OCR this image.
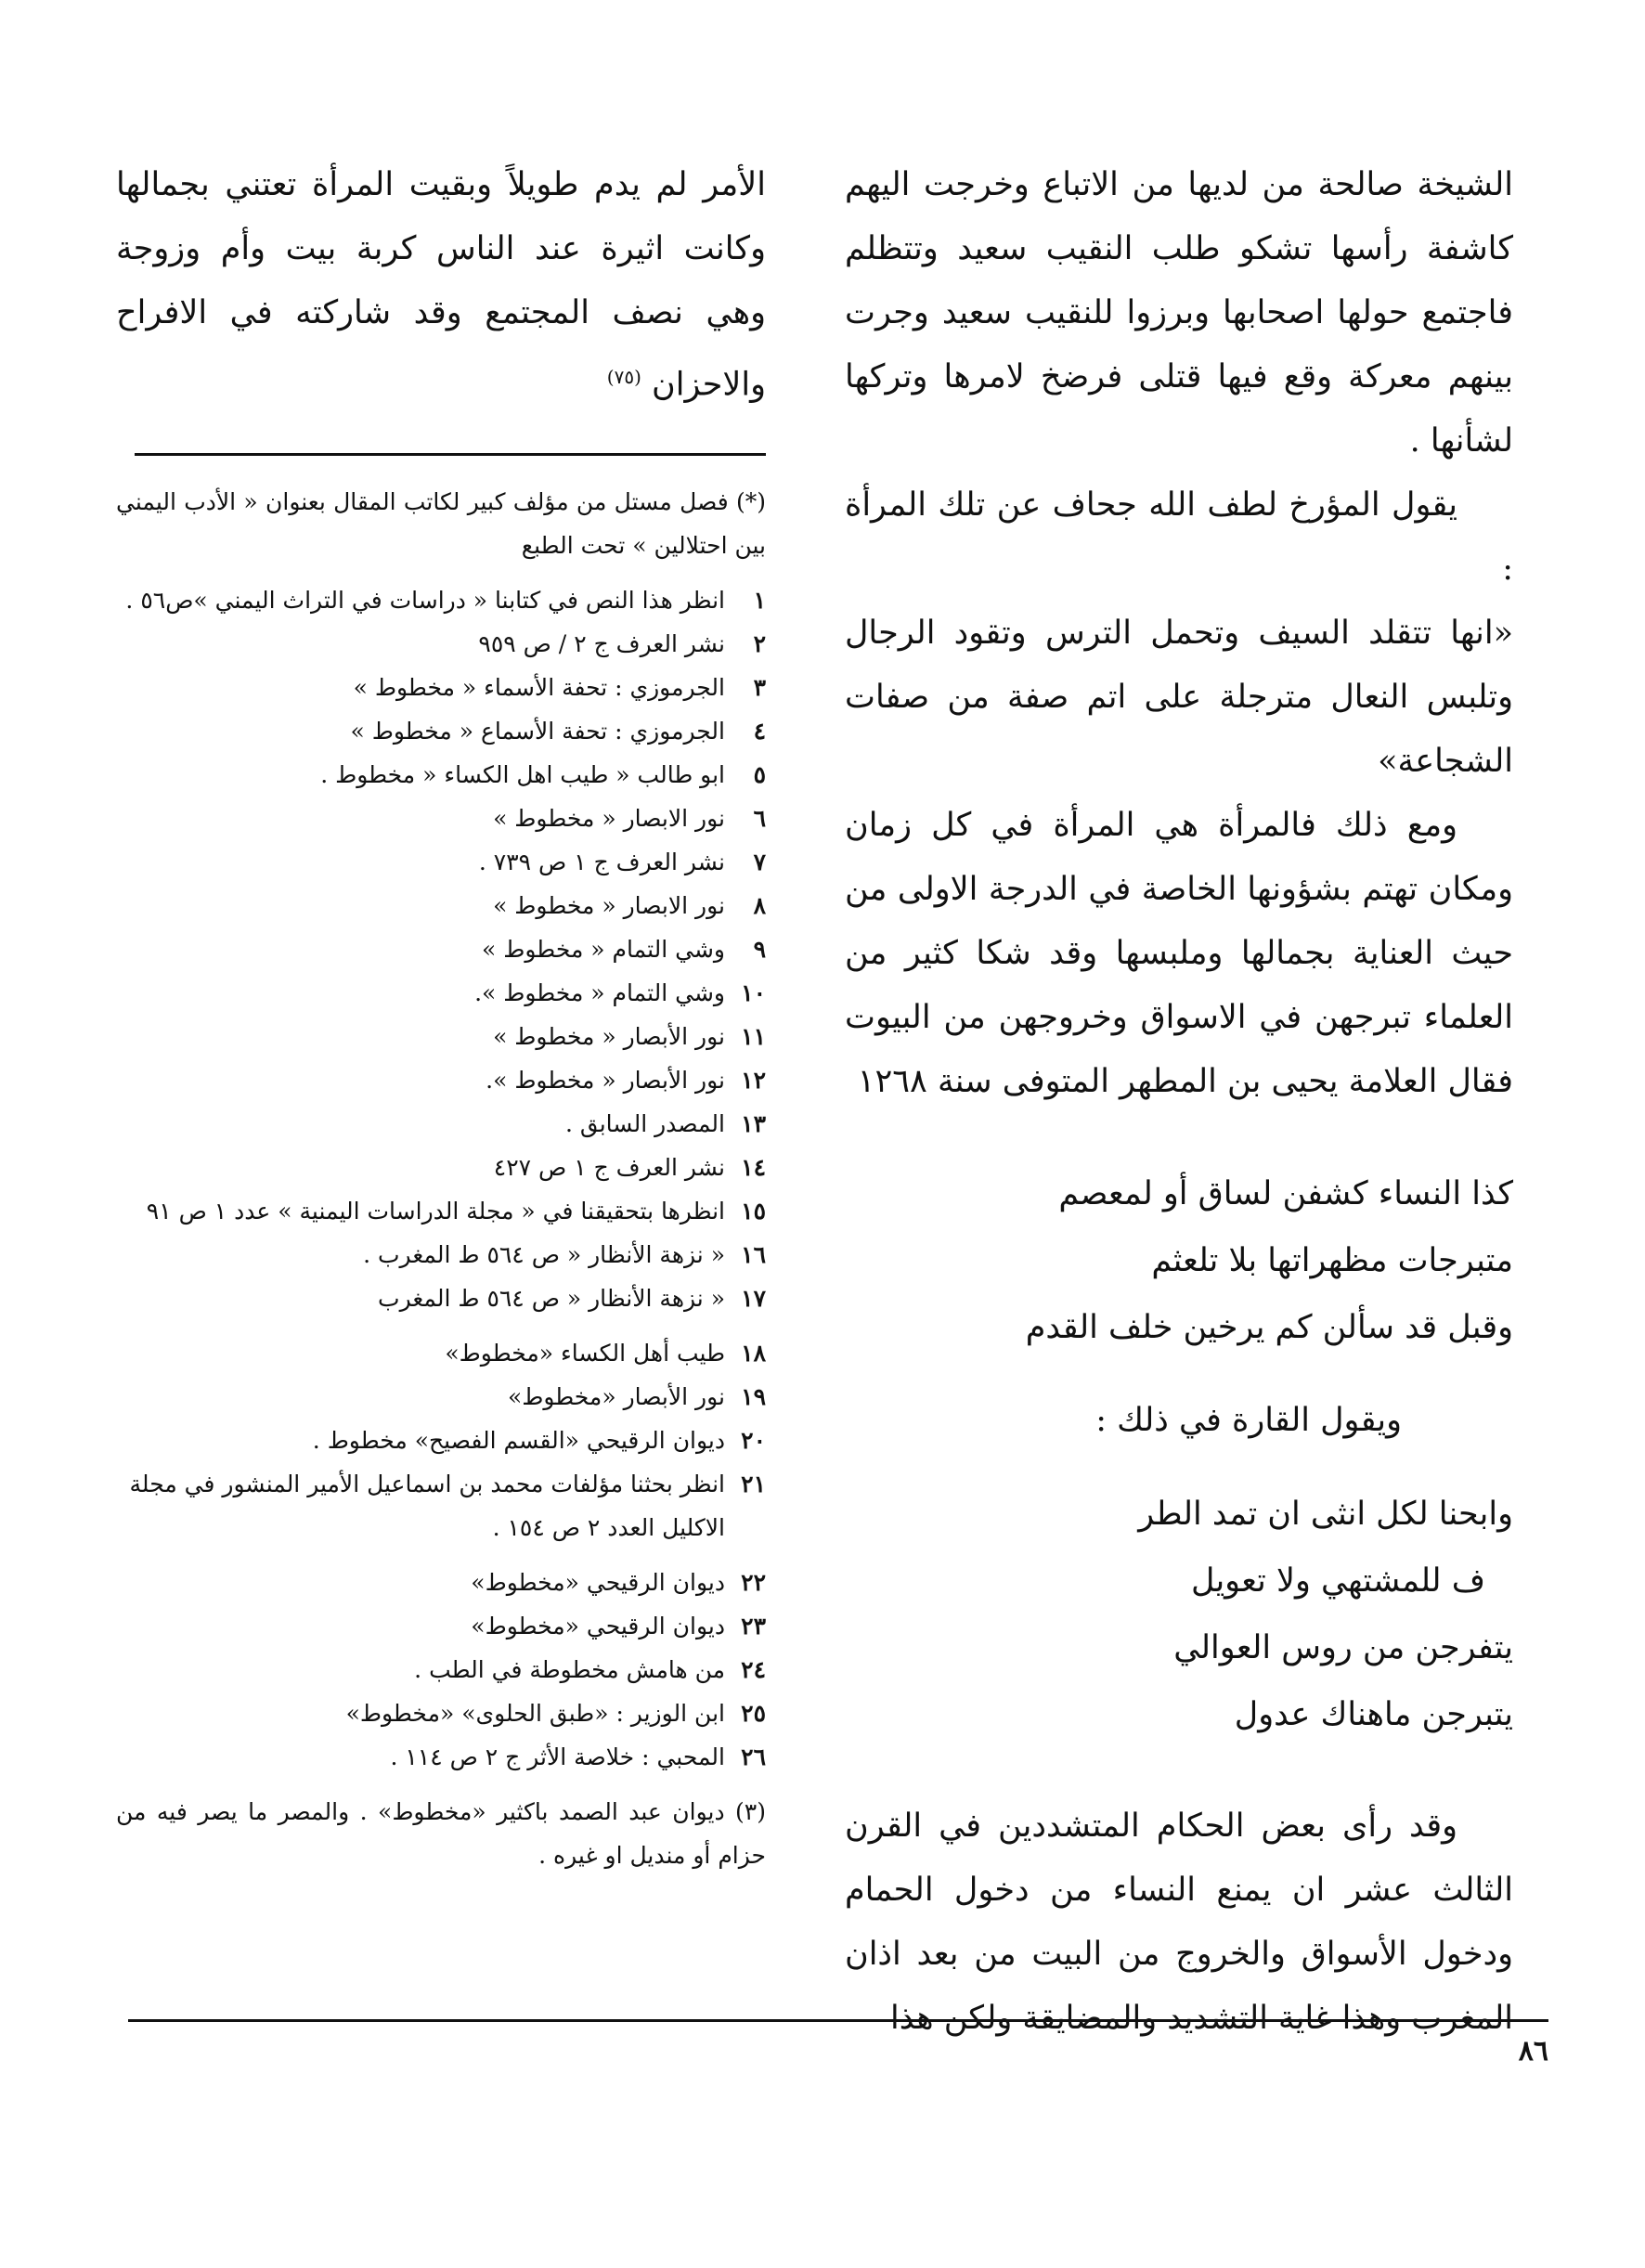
الشيخة صالحة من لديها من الاتباع وخرجت اليهم كاشفة رأسها تشكو طلب النقيب سعيد وتتظلم فاجتمع حولها اصحابها وبرزوا للنقيب سعيد وجرت بينهم معركة وقع فيها قتلى فرضخ لامرها وتركها لشأنها .

يقول المؤرخ لطف الله جحاف عن تلك المرأة :

«انها تتقلد السيف وتحمل الترس وتقود الرجال وتلبس النعال مترجلة على اتم صفة من صفات الشجاعة»

ومع ذلك فالمرأة هي المرأة في كل زمان ومكان تهتم بشؤونها الخاصة في الدرجة الاولى من حيث العناية بجمالها وملبسها وقد شكا كثير من العلماء تبرجهن في الاسواق وخروجهن من البيوت فقال العلامة يحيى بن المطهر المتوفى سنة ١٢٦٨

كذا النساء كشفن لساق أو لمعصم

متبرجات مظهراتها بلا تلعثم

وقبل قد سألن كم يرخين خلف القدم

ويقول القارة في ذلك :

وابحنا لكل انثى ان تمد الطر

ف للمشتهي ولا تعويل

يتفرجن من روس العوالي

يتبرجن ماهناك عدول

وقد رأى بعض الحكام المتشددين في القرن الثالث عشر ان يمنع النساء من دخول الحمام ودخول الأسواق والخروج من البيت من بعد اذان المغرب وهذا غاية التشديد والمضايقة ولكن هذا

الأمر لم يدم طويلاً وبقيت المرأة تعتني بجمالها وكانت اثيرة عند الناس كربة بيت وأم وزوجة وهي نصف المجتمع وقد شاركته في الافراح والاحزان $^{(٧٥)}$

(*) فصل مستل من مؤلف كبير لكاتب المقال بعنوان « الأدب اليمني بين احتلالين » تحت الطبع

١انظر هذا النص في كتابنا « دراسات في التراث اليمني »ص٥٦ .

٢نشر العرف ج ٢ / ص ٩٥٩

٣الجرموزي : تحفة الأسماء « مخطوط »

٤الجرموزي : تحفة الأسماع « مخطوط »

٥ابو طالب « طيب اهل الكساء « مخطوط .

٦نور الابصار « مخطوط »

٧نشر العرف ج ١ ص ٧٣٩ .

٨نور الابصار « مخطوط »

٩وشي التمام « مخطوط »

١٠وشي التمام « مخطوط ».

١١نور الأبصار « مخطوط »

١٢نور الأبصار « مخطوط ».

١٣المصدر السابق .

١٤نشر العرف ج ١ ص ٤٢٧

١٥انظرها بتحقيقنا في « مجلة الدراسات اليمنية » عدد ١ ص ٩١

١٦« نزهة الأنظار « ص ٥٦٤ ط المغرب .

١٧« نزهة الأنظار « ص ٥٦٤ ط المغرب

١٨طيب أهل الكساء «مخطوط»

١٩نور الأبصار «مخطوط»

٢٠ديوان الرقيحي «القسم الفصيح» مخطوط .

٢١انظر بحثنا مؤلفات محمد بن اسماعيل الأمير المنشور في مجلة

الاكليل العدد ٢ ص ١٥٤ .

٢٢ديوان الرقيحي «مخطوط»

٢٣ديوان الرقيحي «مخطوط»

٢٤من هامش مخطوطة في الطب .

٢٥ابن الوزير : «طبق الحلوى» «مخطوط»

٢٦المحبي : خلاصة الأثر ج ٢ ص ١١٤ .

(٣) ديوان عبد الصمد باكثير «مخطوط» . والمصر ما يصر فيه من حزام أو منديل او غيره .

٨٦
